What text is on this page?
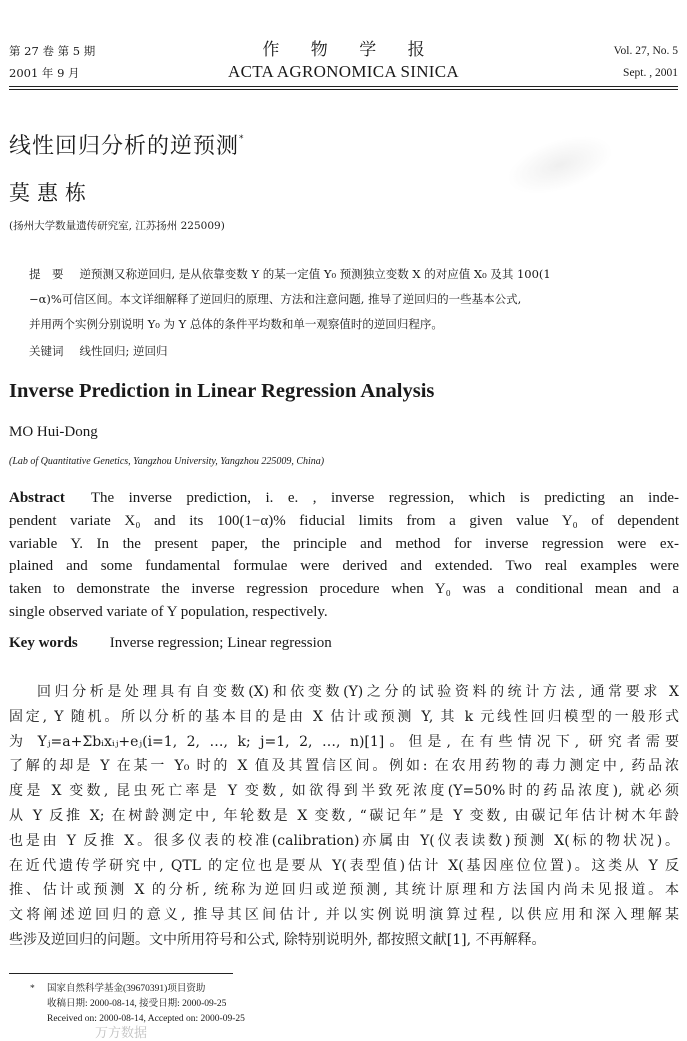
第 27 卷 第 5 期
2001 年 9 月
作 物 学 报
ACTA AGRONOMICA SINICA
Vol. 27, No. 5
Sept. , 2001
线性回归分析的逆预测*
莫惠栋
(扬州大学数量遗传研究室, 江苏扬州 225009)
提　要 逆预测又称逆回归, 是从依靠变数 Y 的某一定值 Y₀ 预测独立变数 X 的对应值 X₀ 及其 100(1
−α)%可信区间。本文详细解释了逆回归的原理、方法和注意问题, 推导了逆回归的一些基本公式,
并用两个实例分别说明 Y₀ 为 Y 总体的条件平均数和单一观察值时的逆回归程序。
关键词 线性回归; 逆回归
Inverse Prediction in Linear Regression Analysis
MO Hui-Dong
(Lab of Quantitative Genetics, Yangzhou University, Yangzhou 225009, China)
Abstract The inverse prediction, i. e. , inverse regression, which is predicting an inde-
pendent variate X₀ and its 100(1−α)% fiducial limits from a given value Y₀ of dependent
variable Y. In the present paper, the principle and method for inverse regression were ex-
plained and some fundamental formulae were derived and extended. Two real examples were
taken to demonstrate the inverse regression procedure when Y₀ was a conditional mean and a
single observed variate of Y population, respectively.
Key words Inverse regression; Linear regression
回归分析是处理具有自变数(X)和依变数(Y)之分的试验资料的统计方法, 通常要求 X
固定, Y 随机。所以分析的基本目的是由 X 估计或预测 Y, 其 k 元线性回归模型的一般形式
为 Yⱼ=a+Σbᵢxᵢⱼ+eⱼ(i=1, 2, …, k; j=1, 2, …, n)[1]。但是, 在有些情况下, 研究者需要
了解的却是 Y 在某一 Y₀ 时的 X 值及其置信区间。例如: 在农用药物的毒力测定中, 药品浓
度是 X 变数, 昆虫死亡率是 Y 变数, 如欲得到半致死浓度(Y=50%时的药品浓度), 就必须
从 Y 反推 X; 在树龄测定中, 年轮数是 X 变数, “碳记年”是 Y 变数, 由碳记年估计树木年龄
也是由 Y 反推 X。很多仪表的校准(calibration)亦属由 Y(仪表读数)预测 X(标的物状况)。
在近代遗传学研究中, QTL 的定位也是要从 Y(表型值)估计 X(基因座位位置)。这类从 Y 反
推、估计或预测 X 的分析, 统称为逆回归或逆预测, 其统计原理和方法国内尚未见报道。本
文将阐述逆回归的意义, 推导其区间估计, 并以实例说明演算过程, 以供应用和深入理解某
些涉及逆回归的问题。文中所用符号和公式, 除特别说明外, 都按照文献[1], 不再解释。
*	国家自然科学基金(39670391)项目资助
收稿日期: 2000-08-14, 接受日期: 2000-09-25
Received on: 2000-08-14, Accepted on: 2000-09-25
万方数据
